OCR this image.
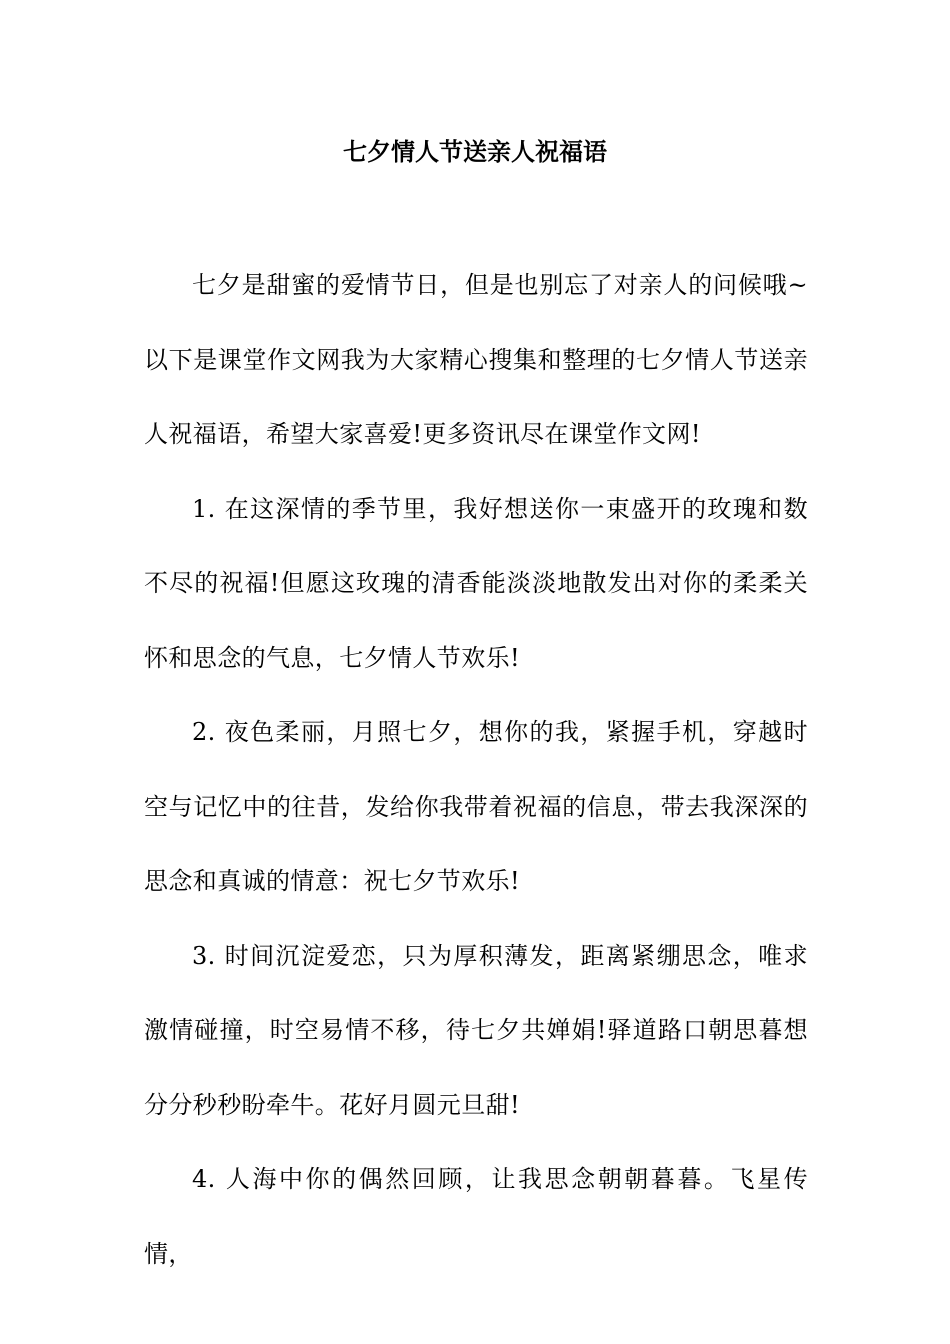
七夕情人节送亲人祝福语

七夕是甜蜜的爱情节日，但是也别忘了对亲人的问候哦~以下是课堂作文网我为大家精心搜集和整理的七夕情人节送亲人祝福语，希望大家喜爱!更多资讯尽在课堂作文网!

1. 在这深情的季节里，我好想送你一束盛开的玫瑰和数不尽的祝福!但愿这玫瑰的清香能淡淡地散发出对你的柔柔关怀和思念的气息，七夕情人节欢乐!

2. 夜色柔丽，月照七夕，想你的我，紧握手机，穿越时空与记忆中的往昔，发给你我带着祝福的信息，带去我深深的思念和真诚的情意：祝七夕节欢乐!

3. 时间沉淀爱恋，只为厚积薄发，距离紧绷思念，唯求激情碰撞，时空易情不移，待七夕共婵娟!驿道路口朝思暮想分分秒秒盼牵牛。花好月圆元旦甜!

4. 人海中你的偶然回顾，让我思念朝朝暮暮。飞星传情，
